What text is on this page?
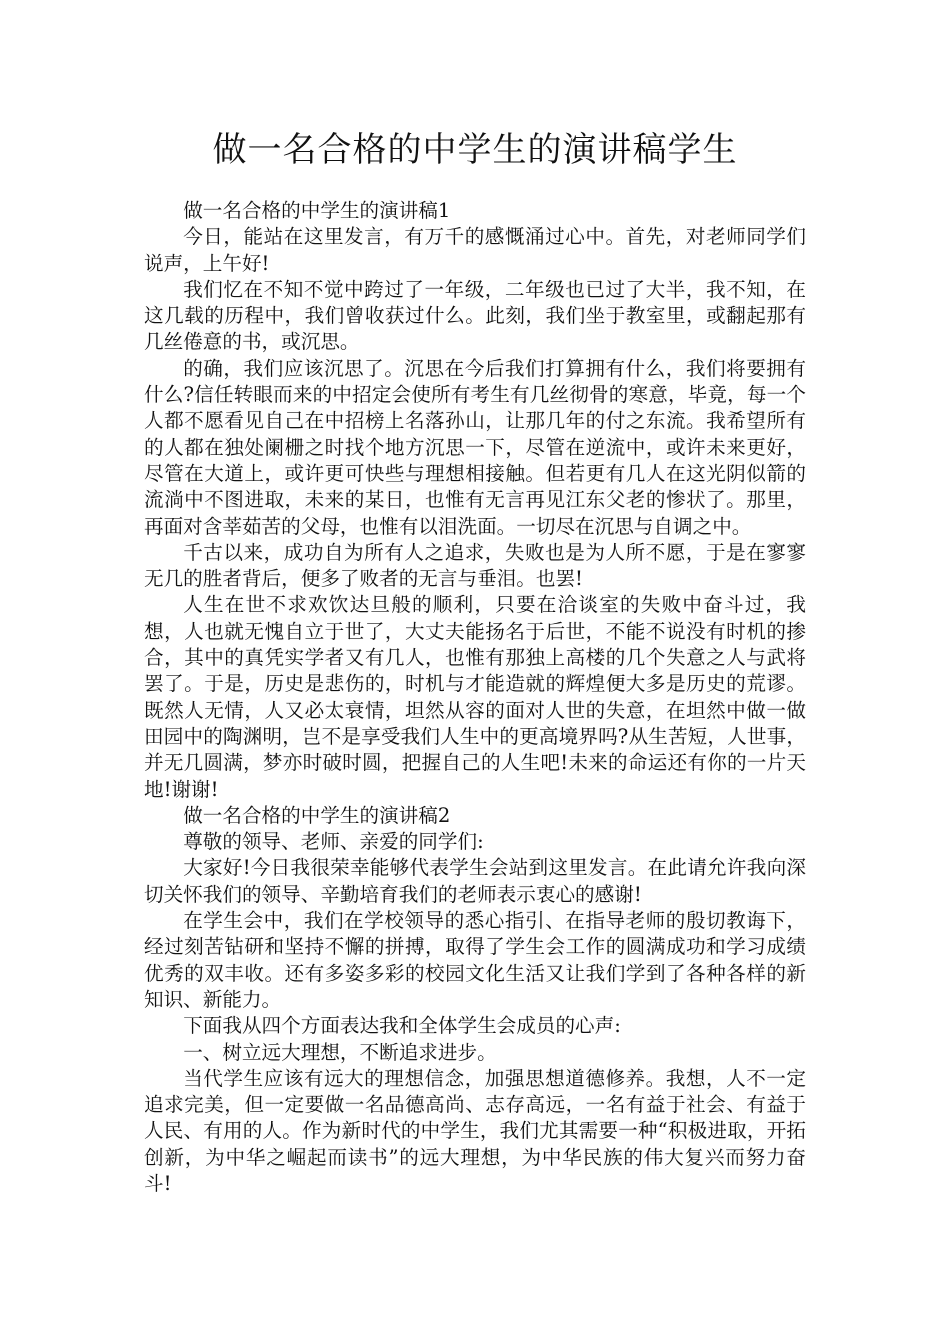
做一名合格的中学生的演讲稿学生

做一名合格的中学生的演讲稿1

今日，能站在这里发言，有万千的感慨涌过心中。首先，对老师同学们说声，上午好!

我们忆在不知不觉中跨过了一年级，二年级也已过了大半，我不知，在这几载的历程中，我们曾收获过什么。此刻，我们坐于教室里，或翻起那有几丝倦意的书，或沉思。

的确，我们应该沉思了。沉思在今后我们打算拥有什么，我们将要拥有什么?信任转眼而来的中招定会使所有考生有几丝彻骨的寒意，毕竟，每一个人都不愿看见自己在中招榜上名落孙山，让那几年的付之东流。我希望所有的人都在独处阑栅之时找个地方沉思一下，尽管在逆流中，或许未来更好，尽管在大道上，或许更可快些与理想相接触。但若更有几人在这光阴似箭的流淌中不图进取，未来的某日，也惟有无言再见江东父老的惨状了。那里，再面对含莘茹苦的父母，也惟有以泪洗面。一切尽在沉思与自调之中。

千古以来，成功自为所有人之追求，失败也是为人所不愿，于是在寥寥无几的胜者背后，便多了败者的无言与垂泪。也罢!

人生在世不求欢饮达旦般的顺利，只要在洽谈室的失败中奋斗过，我想，人也就无愧自立于世了，大丈夫能扬名于后世，不能不说没有时机的掺合，其中的真凭实学者又有几人，也惟有那独上高楼的几个失意之人与武将罢了。于是，历史是悲伤的，时机与才能造就的辉煌便大多是历史的荒谬。既然人无情，人又必太衰情，坦然从容的面对人世的失意，在坦然中做一做田园中的陶渊明，岂不是享受我们人生中的更高境界吗?从生苦短，人世事，并无几圆满，梦亦时破时圆，把握自己的人生吧!未来的命运还有你的一片天地!谢谢!

做一名合格的中学生的演讲稿2

尊敬的领导、老师、亲爱的同学们:

大家好!今日我很荣幸能够代表学生会站到这里发言。在此请允许我向深切关怀我们的领导、辛勤培育我们的老师表示衷心的感谢!

在学生会中，我们在学校领导的悉心指引、在指导老师的殷切教诲下，经过刻苦钻研和坚持不懈的拼搏，取得了学生会工作的圆满成功和学习成绩优秀的双丰收。还有多姿多彩的校园文化生活又让我们学到了各种各样的新知识、新能力。

下面我从四个方面表达我和全体学生会成员的心声:

一、树立远大理想，不断追求进步。

当代学生应该有远大的理想信念，加强思想道德修养。我想，人不一定追求完美，但一定要做一名品德高尚、志存高远，一名有益于社会、有益于人民、有用的人。作为新时代的中学生，我们尤其需要一种“积极进取，开拓创新，为中华之崛起而读书”的远大理想，为中华民族的伟大复兴而努力奋斗!
